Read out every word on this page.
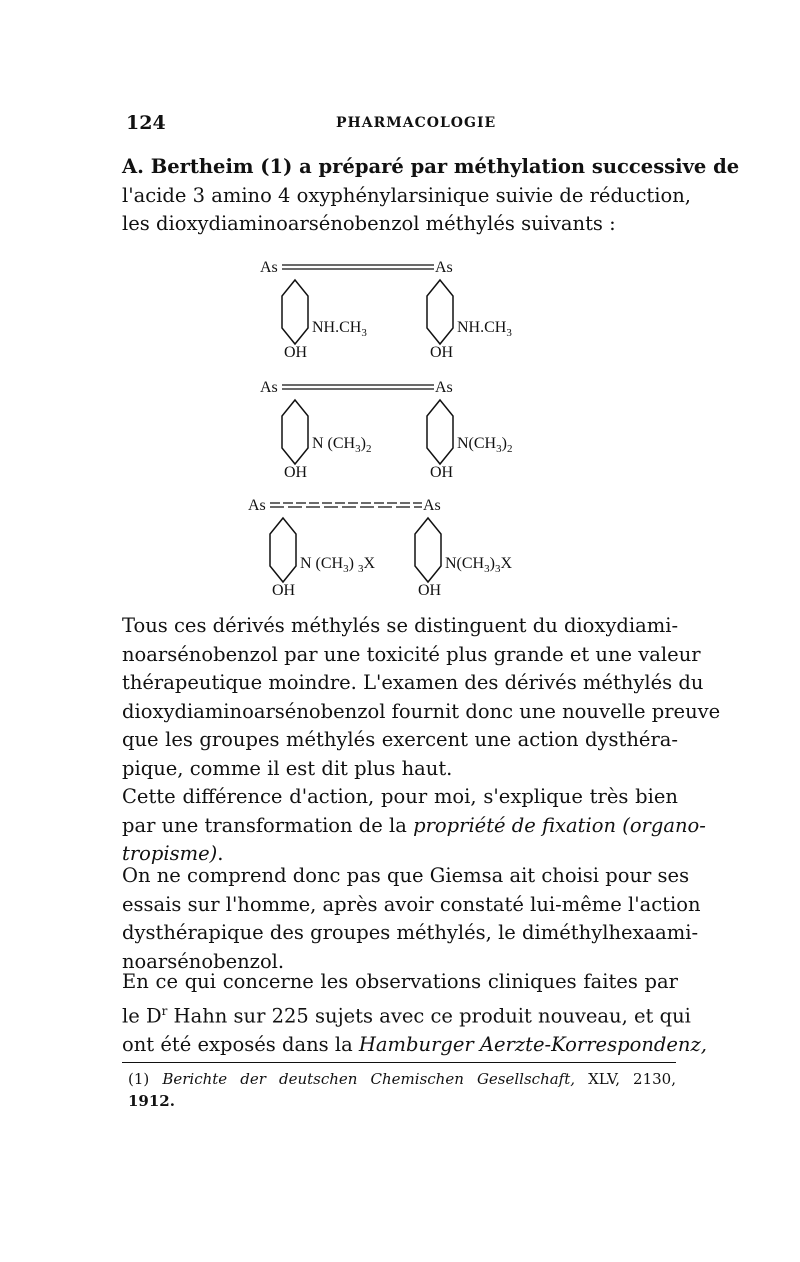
124	PHARMACOLOGIE
A. Bertheim (1) a préparé par méthylation successive de
l'acide 3 amino 4 oxyphénylarsinique suivie de réduction,
les dioxydiaminoarsénobenzol méthylés suivants :
As	As
$NH.CH_3$	$NH.CH_3$
OH	OH
As	As
N $(CH_3)_2$	$N(CH_3)_2$
OH	OH
As	As
N $(CH_3)$ $_3$X	$N(CH_3)_3X$
OH	OH
Tous ces dérivés méthylés se distinguent du dioxydiami-
noarsénobenzol par une toxicité plus grande et une valeur
thérapeutique moindre. L'examen des dérivés méthylés du
dioxydiaminoarsénobenzol fournit donc une nouvelle preuve
que les groupes méthylés exercent une action dysthéra-
pique, comme il est dit plus haut.
Cette différence d'action, pour moi, s'explique très bien
par une transformation de la propriété de fixation (organo-
tropisme).
On ne comprend donc pas que Giemsa ait choisi pour ses
essais sur l'homme, après avoir constaté lui-même l'action
dysthérapique des groupes méthylés, le diméthylhexaami-
noarsénobenzol.
En ce qui concerne les observations cliniques faites par
le $D^r$ Hahn sur 225 sujets avec ce produit nouveau, et qui
ont été exposés dans la Hamburger Aerzte-Korrespondenz,
(1) Berichte der deutschen Chemischen Gesellschaft, XLV, 2130,
1912.
